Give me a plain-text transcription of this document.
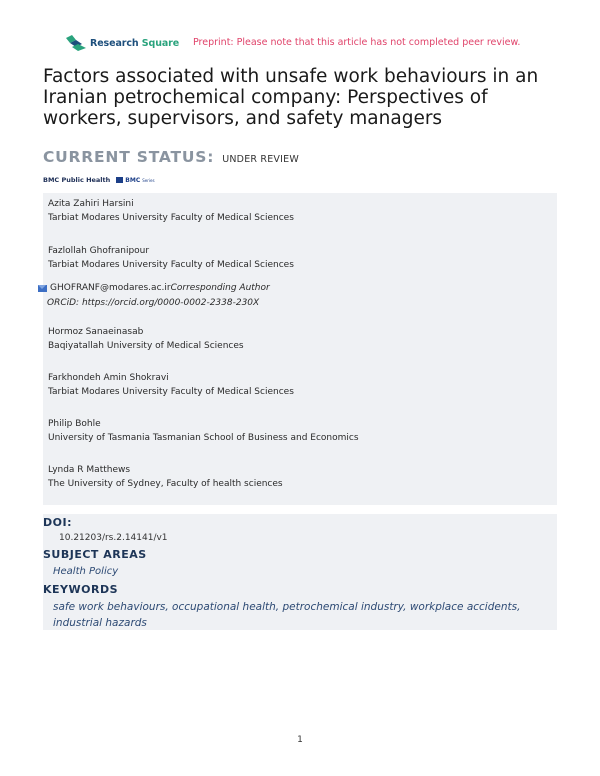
Research Square Preprint: Please note that this article has not completed peer review.
Factors associated with unsafe work behaviours in an Iranian petrochemical company: Perspectives of workers, supervisors, and safety managers
CURRENT STATUS: UNDER REVIEW
BMC Public Health	BMC Series
Azita Zahiri Harsini
Tarbiat Modares University Faculty of Medical Sciences
Fazlollah Ghofranipour
Tarbiat Modares University Faculty of Medical Sciences
GHOFRANF@modares.ac.ir Corresponding Author
ORCiD: https://orcid.org/0000-0002-2338-230X
Hormoz Sanaeinasab
Baqiyatallah University of Medical Sciences
Farkhondeh Amin Shokravi
Tarbiat Modares University Faculty of Medical Sciences
Philip Bohle
University of Tasmania Tasmanian School of Business and Economics
Lynda R Matthews
The University of Sydney, Faculty of health sciences
DOI:
10.21203/rs.2.14141/v1
SUBJECT AREAS
Health Policy
KEYWORDS
safe work behaviours, occupational health, petrochemical industry, workplace accidents, industrial hazards
1
